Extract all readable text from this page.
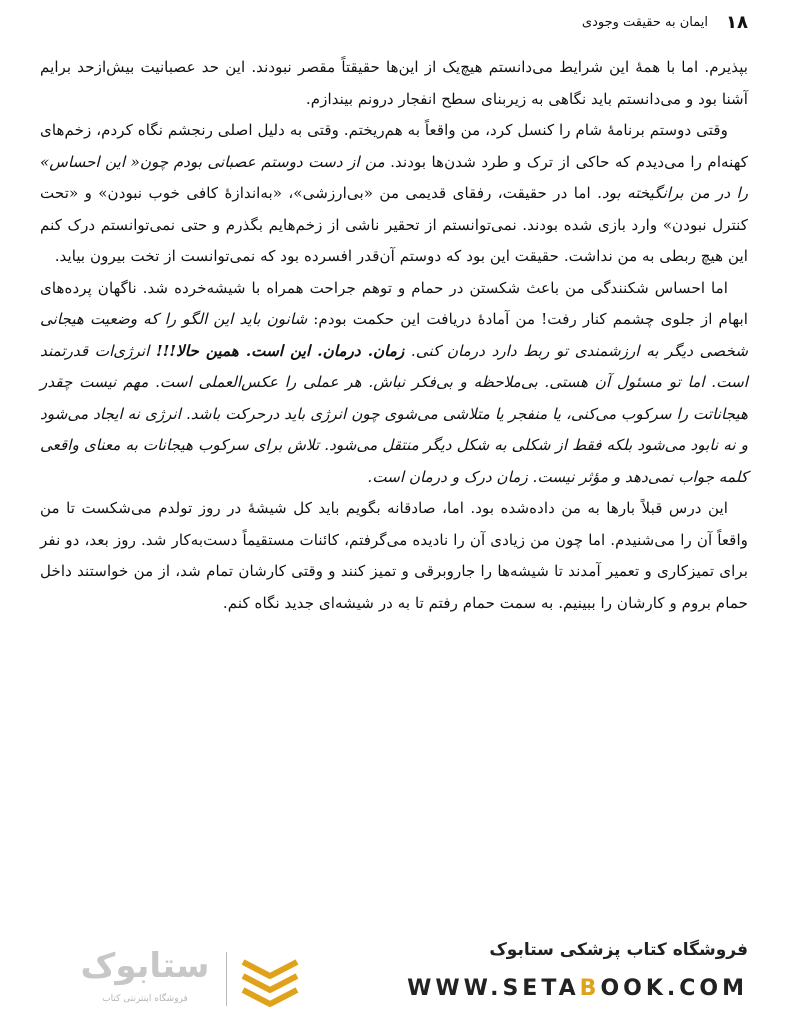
۱۸
ایمان به حقیقت وجودی

بپذیرم. اما با همهٔ این شرایط می‌دانستم هیچ‌یک از این‌ها حقیقتاً مقصر نبودند. این حد عصبانیت بیش‌ازحد برایم آشنا بود و می‌دانستم باید نگاهی به زیربنای سطح انفجار درونم بیندازم.

وقتی دوستم برنامهٔ شام را کنسل کرد، من واقعاً به هم‌ریختم. وقتی به دلیل اصلی رنجشم نگاه کردم، زخم‌های کهنه‌ام را می‌دیدم که حاکی از ترک و طرد شدن‌ها بودند. من از دست دوستم عصبانی بودم چون« این احساس» را در من برانگیخته بود. اما در حقیقت، رفقای قدیمی من «بی‌ارزشی»، «به‌اندازهٔ کافی خوب نبودن» و «تحت کنترل نبودن» وارد بازی شده بودند. نمی‌توانستم از تحقیر ناشی از زخم‌هایم بگذرم و حتی نمی‌توانستم درک کنم این هیچ ربطی به من نداشت. حقیقت این بود که دوستم آن‌قدر افسرده بود که نمی‌توانست از تخت بیرون بیاید.

اما احساس شکنندگی من باعث شکستن در حمام و توهم جراحت همراه با شیشه‌خرده شد. ناگهان پرده‌های ابهام از جلوی چشمم کنار رفت! من آمادهٔ دریافت این حکمت بودم: شانون باید این الگو را که وضعیت هیجانی شخصی دیگر به ارزشمندی تو ربط دارد درمان کنی. زمان. درمان. این است. همین حالا!!! انرژی‌ات قدرتمند است. اما تو مسئول آن هستی. بی‌ملاحظه و بی‌فکر نباش. هر عملی را عکس‌العملی است. مهم نیست چقدر هیجاناتت را سرکوب می‌کنی، یا منفجر یا متلاشی می‌شوی چون انرژی باید درحرکت باشد. انرژی نه ایجاد می‌شود و نه نابود می‌شود بلکه فقط از شکلی به شکل دیگر منتقل می‌شود. تلاش برای سرکوب هیجانات به معنای واقعی کلمه جواب نمی‌دهد و مؤثر نیست. زمان درک و درمان است.

این درس قبلاً بارها به من داده‌شده بود. اما، صادقانه بگویم باید کل شیشهٔ در روز تولدم می‌شکست تا من واقعاً آن را می‌شنیدم. اما چون من زیادی آن را نادیده می‌گرفتم، کائنات مستقیماً دست‌به‌کار شد. روز بعد، دو نفر برای تمیزکاری و تعمیر آمدند تا شیشه‌ها را جاروبرقی و تمیز کنند و وقتی کارشان تمام شد، از من خواستند داخل حمام بروم و کارشان را ببینیم. به سمت حمام رفتم تا به در شیشه‌ای جدید نگاه کنم.

ستابوک
فروشگاه اینترنتی کتاب
فروشگاه کتاب پزشکی ستابوک
WWW.SETABOOK.COM
